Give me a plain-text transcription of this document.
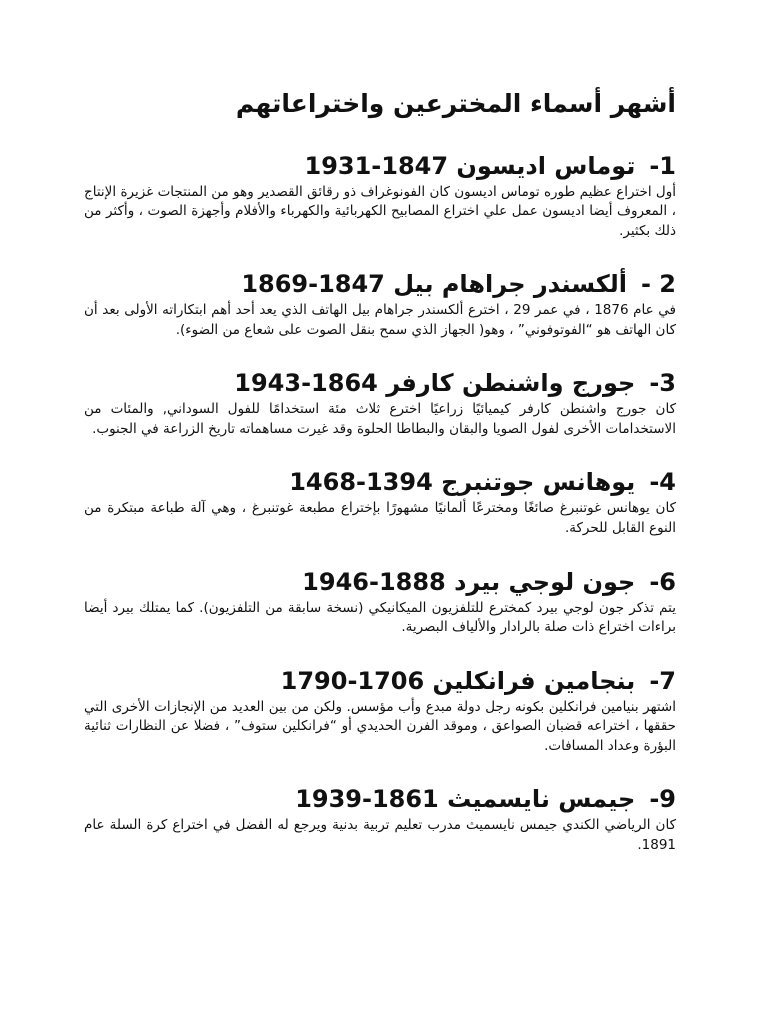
أشهر أسماء المخترعين واختراعاتهم
1-
توماس اديسون 1847-1931

أول اختراع عظيم طوره توماس اديسون كان الفونوغراف ذو رقائق القصدير وهو من المنتجات غزيرة الإنتاج ، المعروف أيضا اديسون عمل علي اختراع المصابيح الكهربائية والكهرباء والأفلام وأجهزة الصوت ، وأكثر من ذلك بكثير.

2 -
ألكسندر جراهام بيل 1847-1869

في عام 1876 ، في عمر 29 ، اخترع ألكسندر جراهام بيل الهاتف الذي يعد أحد أهم ابتكاراته الأولى بعد أن كان الهاتف هو “الفوتوفوني” ، وهو( الجهاز الذي سمح بنقل الصوت على شعاع من الضوء).

3-
جورج واشنطن كارفر 1864-1943

كان جورج واشنطن كارفر كيميائيًا زراعيًا اخترع ثلاث مئة استخدامًا للفول السوداني, والمئات من الاستخدامات الأخرى لفول الصويا والبقان والبطاطا الحلوة وقد غيرت مساهماته تاريخ الزراعة في الجنوب.

4-
يوهانس جوتنبرج 1394-1468

كان يوهانس غوتنبرغ صائغًا ومخترعًا ألمانيًا مشهورًا بإختراع مطبعة غوتنبرغ ، وهي آلة طباعة مبتكرة من النوع القابل للحركة.

6-
جون لوجي بيرد 1888-1946

يتم تذكر جون لوجي بيرد كمخترع للتلفزيون الميكانيكي (نسخة سابقة من التلفزيون). كما يمتلك بيرد أيضا براءات اختراع ذات صلة بالرادار والألياف البصرية.

7-
بنجامين فرانكلين 1706-1790

اشتهر بنيامين فرانكلين بكونه رجل دولة مبدع وأب مؤسس. ولكن من بين العديد من الإنجازات الأخرى التي حققها ، اختراعه قضبان الصواعق ، وموقد الفرن الحديدي أو “فرانكلين ستوف” ، فضلا عن النظارات ثنائية البؤرة وعداد المسافات.

9-
جيمس نايسميث 1861-1939

كان الرياضي الكندي جيمس نايسميث مدرب تعليم تربية بدنية ويرجع له الفضل في اختراع كرة السلة عام 1891.
